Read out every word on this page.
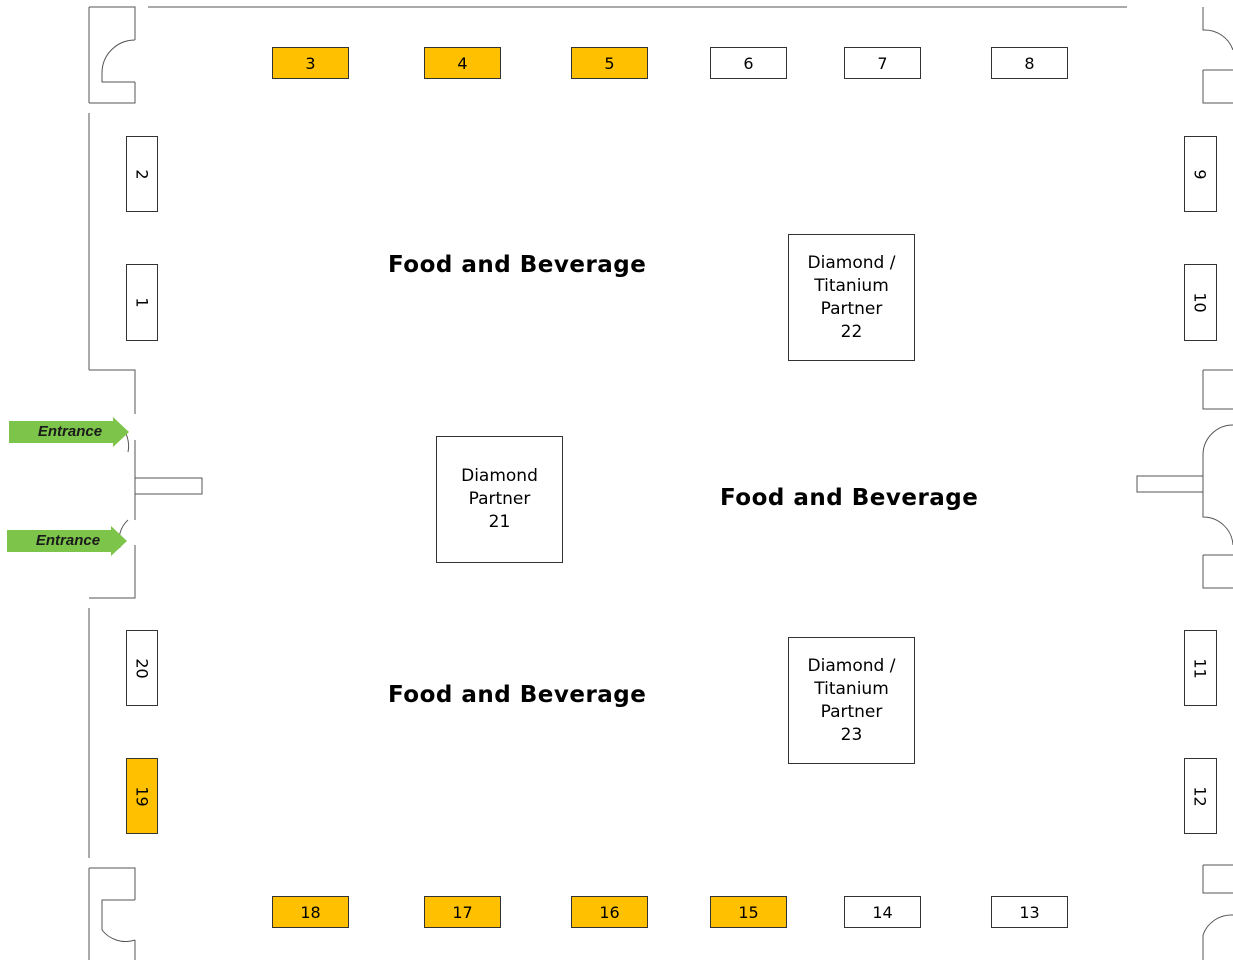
3	4	5	6	7	8
18	17	16	15	14	13
2
1
20
19
9
10
11
12
Diamond /
Titanium
Partner
22
Diamond
Partner
21
Diamond /
Titanium
Partner
23
Food and Beverage
Food and Beverage
Food and Beverage
Entrance
Entrance
